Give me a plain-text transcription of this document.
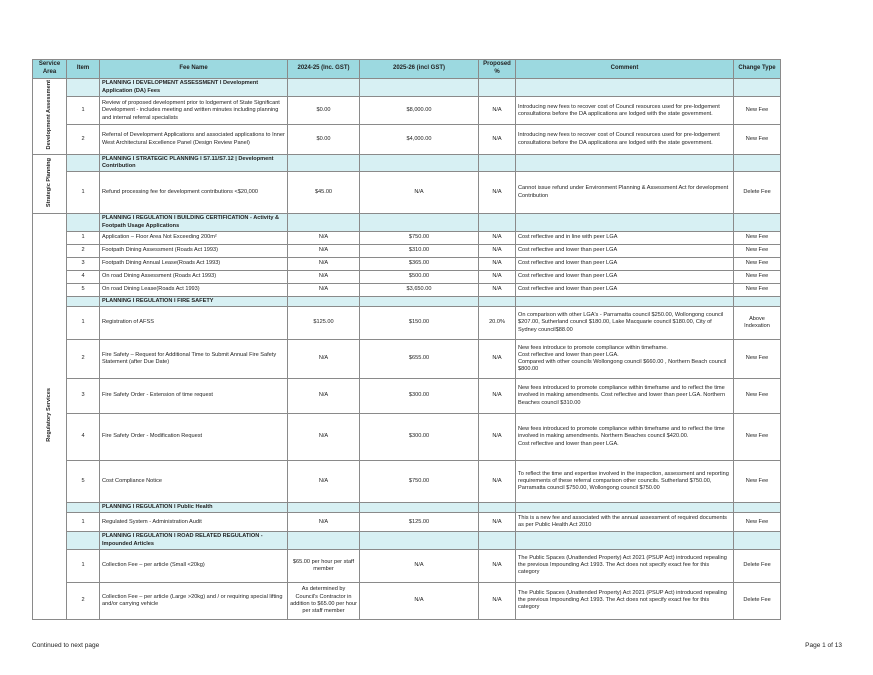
Service Area	Item	Fee Name	2024-25 (Inc. GST)	2025-26 (incl GST)	Proposed %	Comment	Change Type
Development Assessment		PLANNING I DEVELOPMENT ASSESSMENT I Development Application (DA) Fees					
	1	Review of proposed development prior to lodgement of State Significant Development - includes meeting and written minutes including planning and internal referral specialists	$0.00	$8,000.00	N/A	Introducing new fees to recover cost of Council resources used for pre-lodgement consultations before the DA applications are lodged with the state government.	New Fee
	2	Referral of Development Applications and associated applications to Inner West Architectural Excellence Panel (Design Review Panel)	$0.00	$4,000.00	N/A	Introducing new fees to recover cost of Council resources used for pre-lodgement consultations before the DA applications are lodged with the state government.	New Fee
Strategic Planning		PLANNING I STRATEGIC PLANNING I S7.11/S7.12 | Development Contribution					
	1	Refund processing fee for development contributions <$20,000	$45.00	N/A	N/A	Cannot issue refund under Environment Planning & Assessment Act for development Contribution	Delete Fee
Regulatory Services		PLANNING I REGULATION I BUILDING CERTIFICATION - Activity & Footpath Usage Applications					
	1	Application – Floor Area Not Exceeding 200m²	N/A	$750.00	N/A	Cost reflective and in line with peer LGA	New Fee
	2	Footpath Dining Assessment (Roads Act 1993)	N/A	$310.00	N/A	Cost reflective and lower than peer LGA	New Fee
	3	Footpath Dining Annual Lease(Roads Act 1993)	N/A	$365.00	N/A	Cost reflective and lower than peer LGA	New Fee
	4	On road Dining Assessment (Roads Act 1993)	N/A	$500.00	N/A	Cost reflective and lower than peer LGA	New Fee
	5	On road Dining Lease(Roads Act 1993)	N/A	$3,650.00	N/A	Cost reflective and lower than peer LGA	New Fee
		PLANNING I REGULATION I FIRE SAFETY					
	1	Registration of AFSS	$125.00	$150.00	20.0%	On comparison with other LGA's - Parramatta council $250.00, Wollongong council $207.00, Sutherland council $180.00, Lake Macquarie council $180.00, City of Sydney council$88.00	Above Indexation
	2	Fire Safety – Request for Additional Time to Submit Annual Fire Safety Statement (after Due Date)	N/A	$655.00	N/A	New fees introduce to promote compliance within timeframe.
Cost reflective and lower than peer LGA.
Compared with other councils Wollongong council $660.00 , Northern Beach council $800.00	New Fee
	3	Fire Safety Order - Extension of time request	N/A	$300.00	N/A	New fees introduced to promote compliance within timeframe and to reflect the time involved in making amendments. Cost reflective and lower than peer LGA. Northern Beaches council $310.00	New Fee
	4	Fire Safety Order - Modification Request	N/A	$300.00	N/A	New fees introduced to promote compliance within timeframe and to reflect the time involved in making amendments. Northern Beaches council $420.00.
Cost reflective and lower than peer LGA.	New Fee
	5	Cost Compliance Notice	N/A	$750.00	N/A	To reflect the time and expertise involved in the inspection, assessment and reporting requirements of these referral comparison other councils. Sutherland $750.00, Parramatta council $750.00, Wollongong council $750.00	New Fee
		PLANNING I REGULATION I Public Health					
	1	Regulated System - Administration Audit	N/A	$125.00	N/A	This is a new fee and associated with the annual assessment of required documents as per Public Health Act 2010	New Fee
		PLANNING I REGULATION I ROAD RELATED REGULATION - Impounded Articles					
	1	Collection Fee – per article (Small <20kg)	$65.00 per hour per staff member	N/A	N/A	The Public Spaces (Unattended Property) Act 2021 (PSUP Act) introduced repealing the previous Impounding Act 1993. The Act does not specify exact fee for this category	Delete Fee
	2	Collection Fee – per article (Large >20kg) and / or requiring special lifting and/or carrying vehicle	As determined by Council's Contractor in addition to $65.00 per hour per staff member	N/A	N/A	The Public Spaces (Unattended Property) Act 2021 (PSUP Act) introduced repealing the previous Impounding Act 1993. The Act does not specify exact fee for this category	Delete Fee
Continued to next page	Page 1 of 13
